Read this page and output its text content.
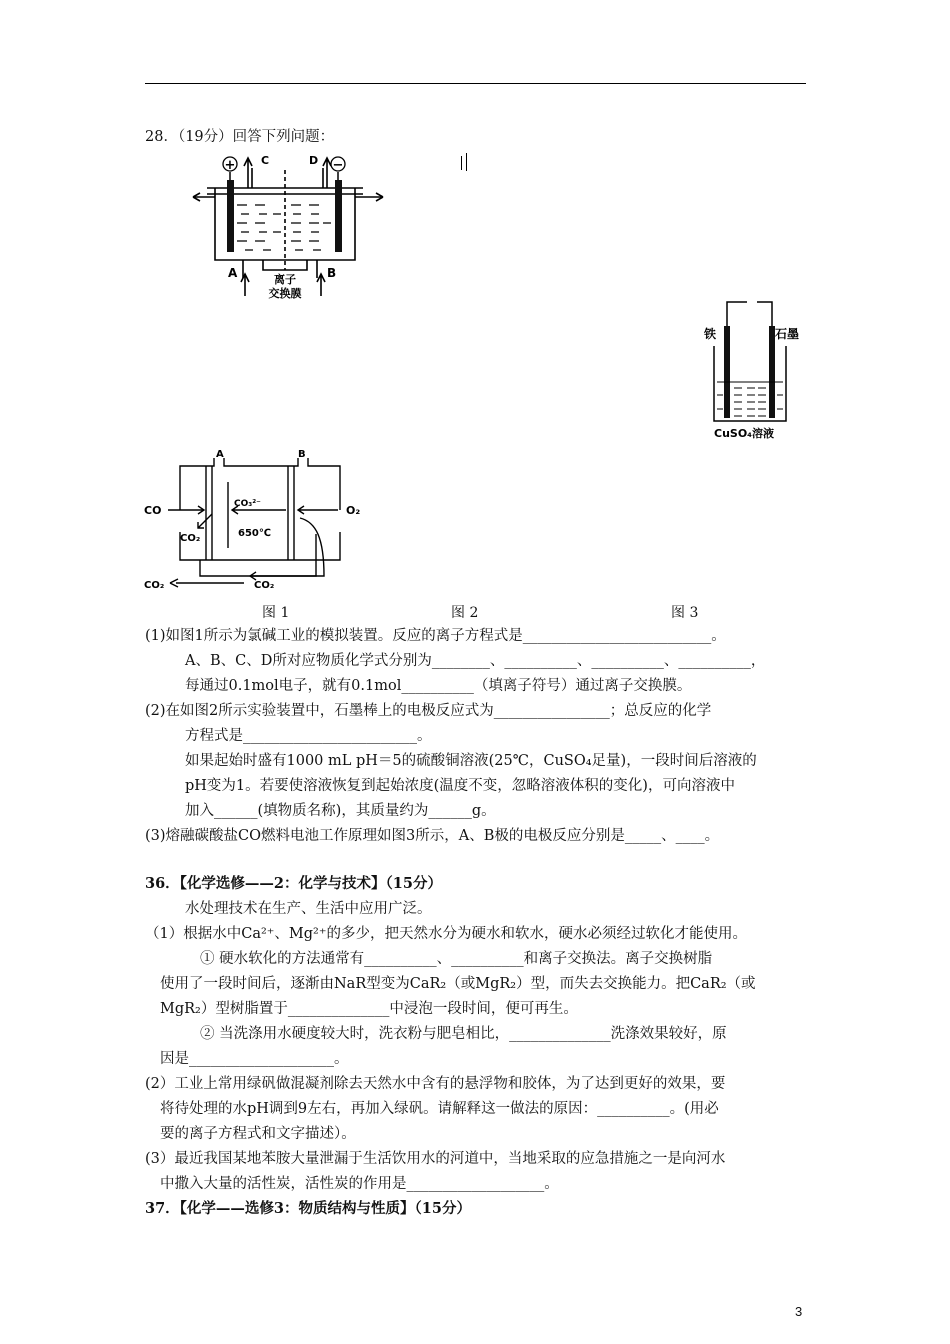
28．（19分）回答下列问题：
+	−
C	D
A	B
离子
交换膜
铁	石墨
CuSO₄溶液
A	B
CO	O₂
CO₃²⁻
CO₂	650℃
CO₂	CO₂
图 1	图 2	图 3
(1)如图1所示为氯碱工业的模拟装置。反应的离子方程式是__________________________。
A、B、C、D所对应物质化学式分别为________、__________、__________、__________，
每通过0.1mol电子，就有0.1mol__________（填离子符号）通过离子交换膜。
(2)在如图2所示实验装置中，石墨棒上的电极反应式为________________；总反应的化学
方程式是________________________。
如果起始时盛有1000 mL pH＝5的硫酸铜溶液(25℃，CuSO₄足量)，一段时间后溶液的
pH变为1。若要使溶液恢复到起始浓度(温度不变，忽略溶液体积的变化)，可向溶液中
加入______(填物质名称)，其质量约为______g。
(3)熔融碳酸盐CO燃料电池工作原理如图3所示，A、B极的电极反应分别是_____、____。
36．【化学选修——2：化学与技术】（15分）
水处理技术在生产、生活中应用广泛。
（1）根据水中Ca²⁺、Mg²⁺的多少，把天然水分为硬水和软水，硬水必须经过软化才能使用。
① 硬水软化的方法通常有__________、__________和离子交换法。离子交换树脂
使用了一段时间后，逐渐由NaR型变为CaR₂（或MgR₂）型，而失去交换能力。把CaR₂（或
MgR₂）型树脂置于______________中浸泡一段时间，便可再生。
② 当洗涤用水硬度较大时，洗衣粉与肥皂相比，______________洗涤效果较好，原
因是____________________。
(2）工业上常用绿矾做混凝剂除去天然水中含有的悬浮物和胶体，为了达到更好的效果，要
将待处理的水pH调到9左右，再加入绿矾。请解释这一做法的原因：__________。(用必
要的离子方程式和文字描述）。
(3）最近我国某地苯胺大量泄漏于生活饮用水的河道中，当地采取的应急措施之一是向河水
中撒入大量的活性炭，活性炭的作用是___________________。
37．【化学——选修3：物质结构与性质】（15分）
3
